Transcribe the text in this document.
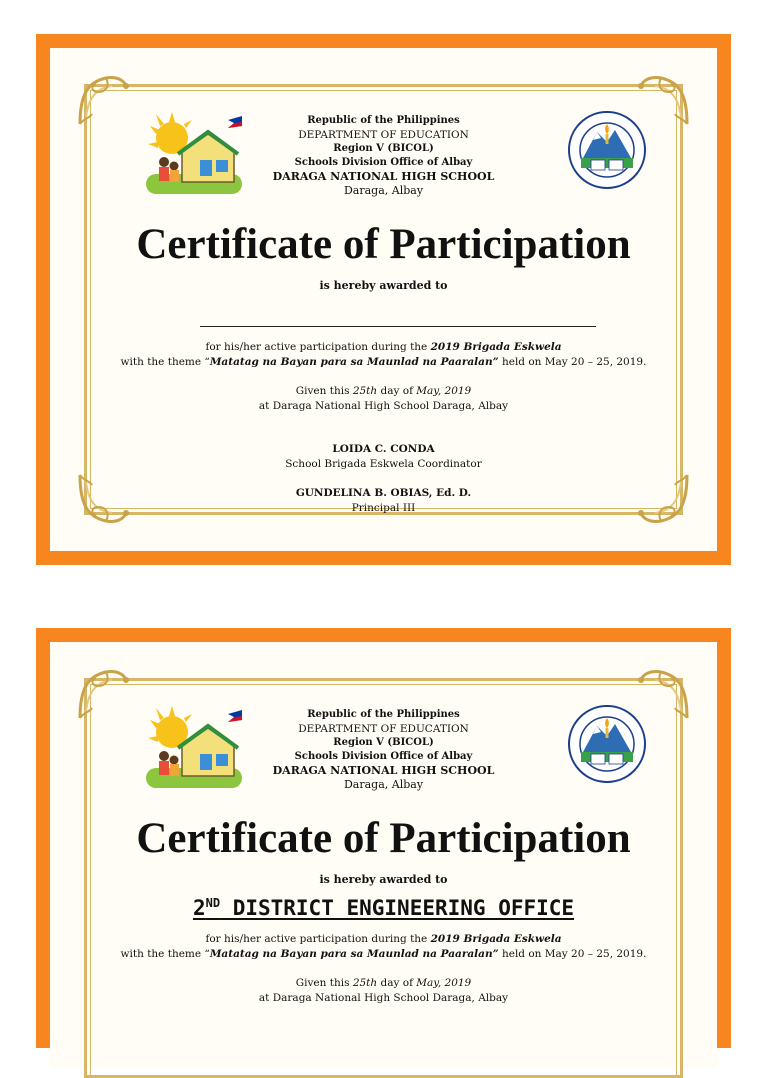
Republic of the Philippines
DEPARTMENT OF EDUCATION
Region V (BICOL)
Schools Division Office of Albay
DARAGA NATIONAL HIGH SCHOOL
Daraga, Albay
Certificate of Participation
is hereby awarded to
for his/her active participation during the 2019 Brigada Eskwela
with the theme “Matatag na Bayan para sa Maunlad na Paaralan” held on May 20 – 25, 2019.
Given this 25th day of May, 2019
at Daraga National High School Daraga, Albay
LOIDA C. CONDA
School Brigada Eskwela Coordinator
GUNDELINA B. OBIAS, Ed. D.
Principal III
Republic of the Philippines
DEPARTMENT OF EDUCATION
Region V (BICOL)
Schools Division Office of Albay
DARAGA NATIONAL HIGH SCHOOL
Daraga, Albay
Certificate of Participation
is hereby awarded to
2ND DISTRICT ENGINEERING OFFICE
for his/her active participation during the 2019 Brigada Eskwela
with the theme “Matatag na Bayan para sa Maunlad na Paaralan” held on May 20 – 25, 2019.
Given this 25th day of May, 2019
at Daraga National High School Daraga, Albay
